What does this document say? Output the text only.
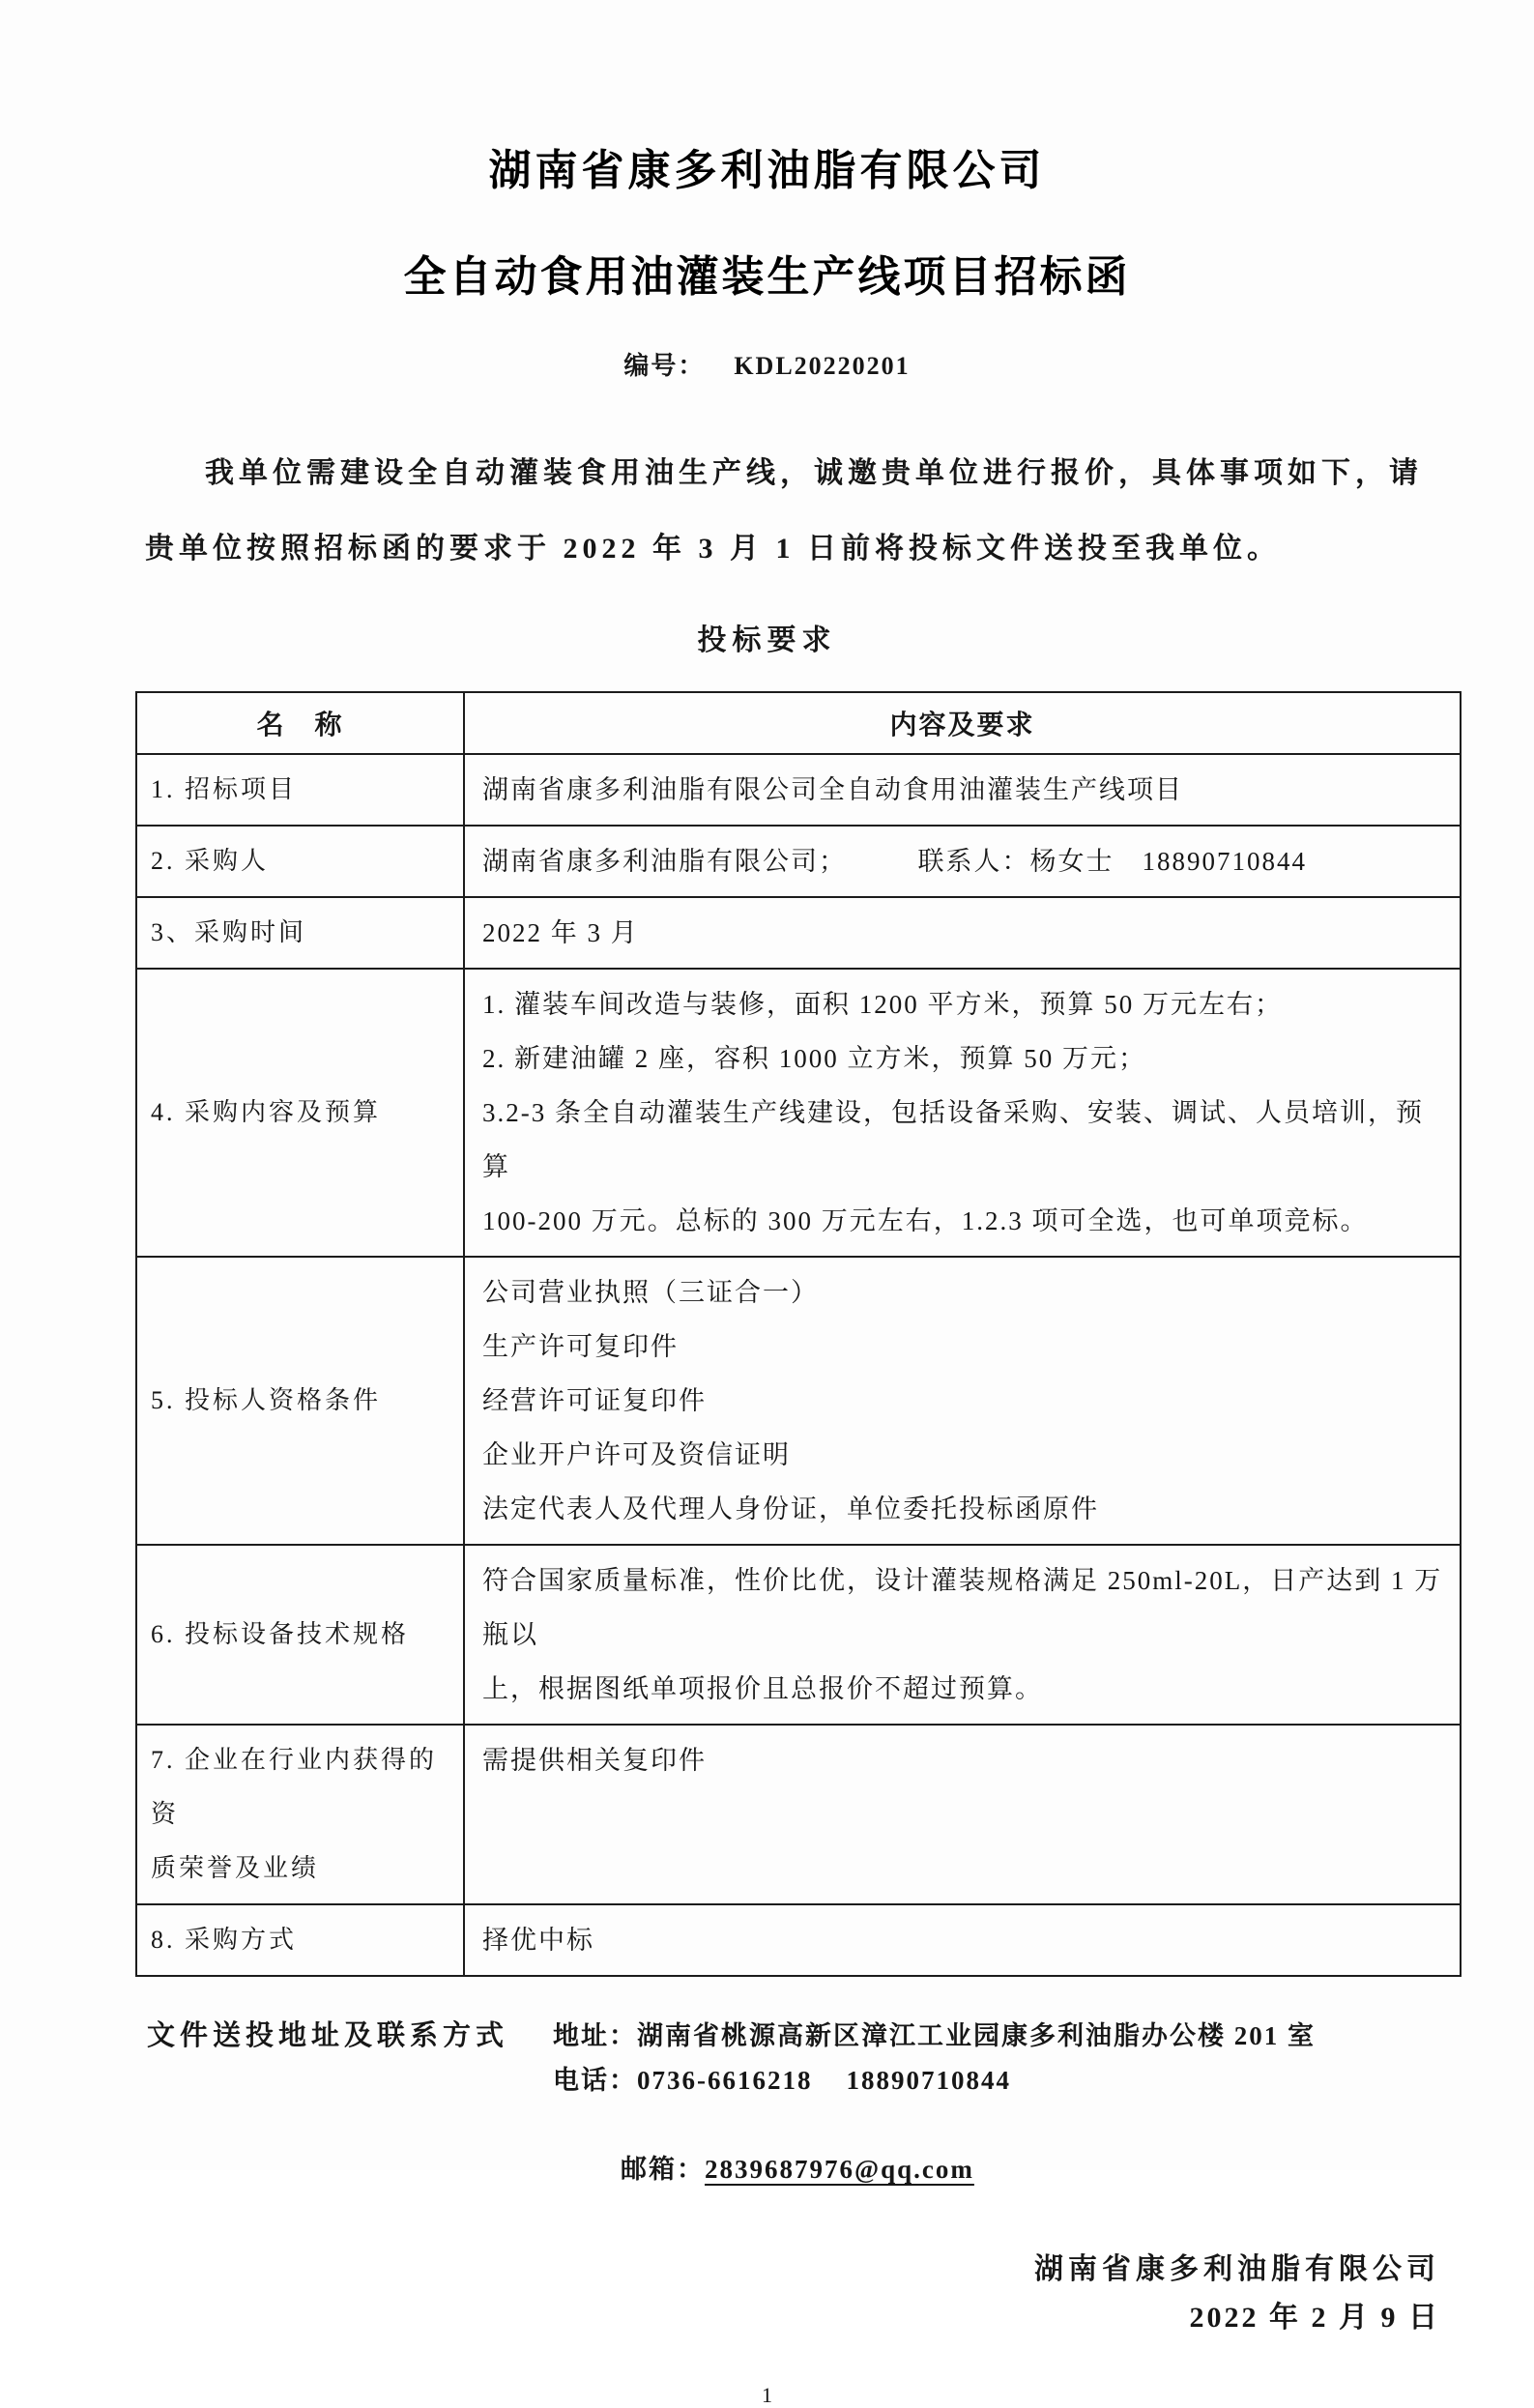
湖南省康多利油脂有限公司
全自动食用油灌装生产线项目招标函
编号： KDL20220201
我单位需建设全自动灌装食用油生产线，诚邀贵单位进行报价，具体事项如下，请
贵单位按照招标函的要求于 2022 年 3 月 1 日前将投标文件送投至我单位。
投标要求
名　称	内容及要求

1. 招标项目	湖南省康多利油脂有限公司全自动食用油灌装生产线项目

2. 采购人	湖南省康多利油脂有限公司；　　　联系人：杨女士　18890710844

3、采购时间	2022 年 3 月

4. 采购内容及预算	1. 灌装车间改造与装修，面积 1200 平方米，预算 50 万元左右；
2. 新建油罐 2 座，容积 1000 立方米，预算 50 万元；
3.2-3 条全自动灌装生产线建设，包括设备采购、安装、调试、人员培训，预算
100-200 万元。总标的 300 万元左右，1.2.3 项可全选，也可单项竞标。

5. 投标人资格条件	公司营业执照（三证合一）
生产许可复印件
经营许可证复印件
企业开户许可及资信证明
法定代表人及代理人身份证，单位委托投标函原件

6. 投标设备技术规格	符合国家质量标准，性价比优，设计灌装规格满足 250ml-20L，日产达到 1 万瓶以
上，根据图纸单项报价且总报价不超过预算。

7. 企业在行业内获得的资
质荣誉及业绩	需提供相关复印件

8. 采购方式	择优中标
文件送投地址及联系方式	地址：湖南省桃源高新区漳江工业园康多利油脂办公楼 201 室
电话：0736-6616218    18890710844

邮箱：2839687976@qq.com

湖南省康多利油脂有限公司
2022 年 2 月 9 日
1
